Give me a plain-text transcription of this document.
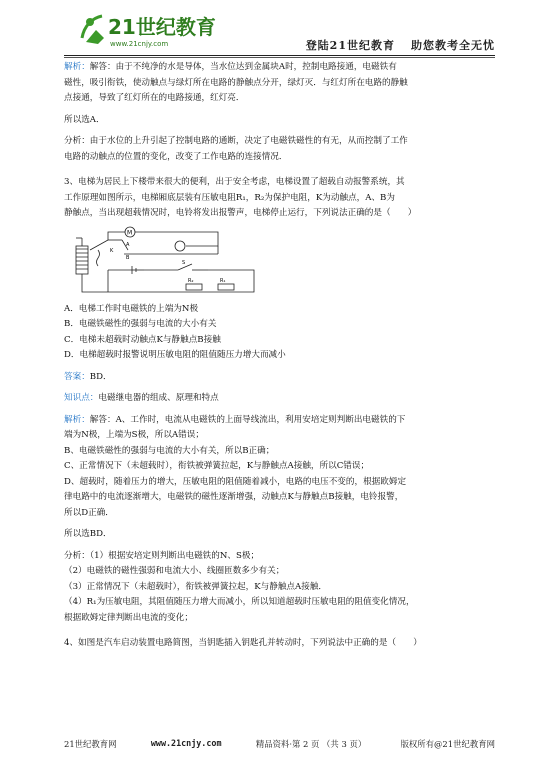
21世纪教育
www.21cnjy.com	登陆21世纪教育 助您教考全无忧

解析：解答：由于不纯净的水是导体，当水位达到金属块A时，控制电路接通，电磁铁有

磁性，吸引衔铁，使动触点与绿灯所在电路的静触点分开，绿灯灭．与红灯所在电路的静触

点接通，导致了红灯所在的电路接通，红灯亮．

所以选A．

分析：由于水位的上升引起了控制电路的通断，决定了电磁铁磁性的有无，从而控制了工作

电路的动触点的位置的变化，改变了工作电路的连接情况．

3、电梯为居民上下楼带来很大的便利，出于安全考虑，电梯设置了超载自动报警系统，其

工作原理如图所示，电梯厢底层装有压敏电阻R₁，R₂为保护电阻，K为动触点，A、B为

静触点，当出现超载情况时，电铃将发出报警声，电梯停止运行，下列说法正确的是（　　）

M
A
K
B
S
R₂	R₁

A．电梯工作时电磁铁的上端为N极

B．电磁铁磁性的强弱与电流的大小有关

C．电梯未超载时动触点K与静触点B接触

D．电梯超载时报警说明压敏电阻的阻值随压力增大而减小

答案：BD．

知识点：电磁继电器的组成、原理和特点

解析：解答：A、工作时，电流从电磁铁的上面导线流出，利用安培定则判断出电磁铁的下

端为N极，上端为S极，所以A错误；

B、电磁铁磁性的强弱与电流的大小有关，所以B正确；

C、正常情况下（未超载时），衔铁被弹簧拉起，K与静触点A接触，所以C错误；

D、超载时，随着压力的增大，压敏电阻的阻值随着减小，电路的电压不变的，根据欧姆定

律电路中的电流逐渐增大，电磁铁的磁性逐渐增强，动触点K与静触点B接触，电铃报警，

所以D正确．

所以选BD．

分析：（1）根据安培定则判断出电磁铁的N、S极；

（2）电磁铁的磁性强弱和电流大小、线圈匝数多少有关；

（3）正常情况下（未超载时），衔铁被弹簧拉起，K与静触点A接触．

（4）R₁为压敏电阻，其阻值随压力增大而减小，所以知道超载时压敏电阻的阻值变化情况，

根据欧姆定律判断出电流的变化；

4、如图是汽车启动装置电路简图，当钥匙插入钥匙孔并转动时，下列说法中正确的是（　　）

21世纪教育网	www.21cnjy.com	精品资料·第 2 页 （共 3 页）	版权所有@21世纪教育网
